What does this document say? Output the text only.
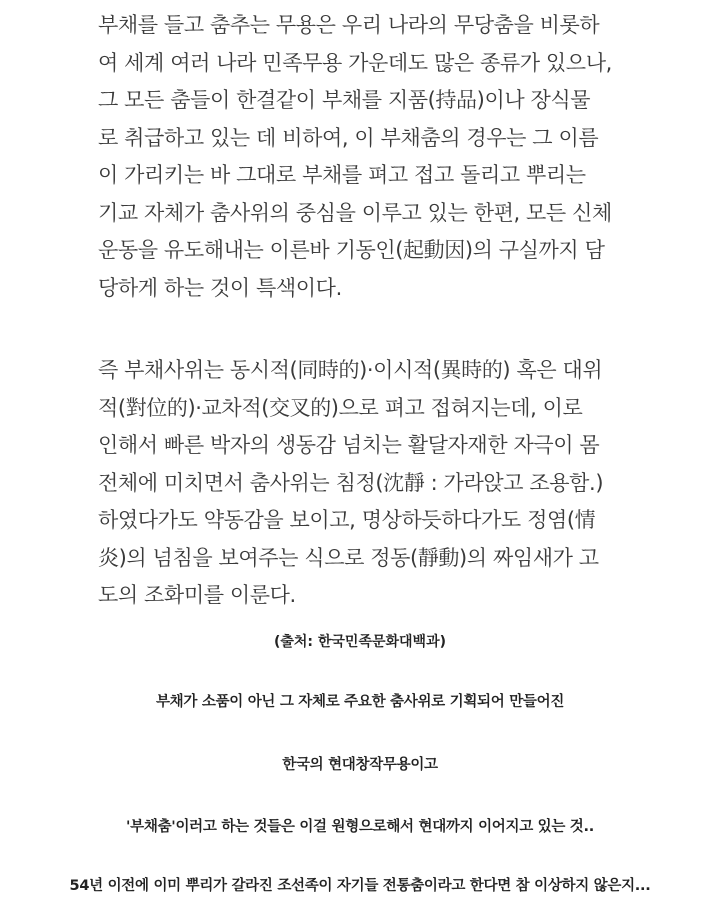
부채를 들고 춤추는 무용은 우리 나라의 무당춤을 비롯하
여 세계 여러 나라 민족무용 가운데도 많은 종류가 있으나,
그 모든 춤들이 한결같이 부채를 지품(持品)이나 장식물
로 취급하고 있는 데 비하여, 이 부채춤의 경우는 그 이름
이 가리키는 바 그대로 부채를 펴고 접고 돌리고 뿌리는
기교 자체가 춤사위의 중심을 이루고 있는 한편, 모든 신체
운동을 유도해내는 이른바 기동인(起動因)의 구실까지 담
당하게 하는 것이 특색이다.

즉 부채사위는 동시적(同時的)·이시적(異時的) 혹은 대위
적(對位的)·교차적(交叉的)으로 펴고 접혀지는데, 이로
인해서 빠른 박자의 생동감 넘치는 활달자재한 자극이 몸
전체에 미치면서 춤사위는 침정(沈靜 : 가라앉고 조용함.)
하였다가도 약동감을 보이고, 명상하듯하다가도 정염(情
炎)의 넘침을 보여주는 식으로 정동(靜動)의 짜임새가 고
도의 조화미를 이룬다.

(출처: 한국민족문화대백과)
부채가 소품이 아닌 그 자체로 주요한 춤사위로 기획되어 만들어진
한국의 현대창작무용이고
'부채춤'이러고 하는 것들은 이걸 원형으로해서 현대까지 이어지고 있는 것..
54년 이전에 이미 뿌리가 갈라진 조선족이 자기들 전통춤이라고 한다면 참 이상하지 않은지...
